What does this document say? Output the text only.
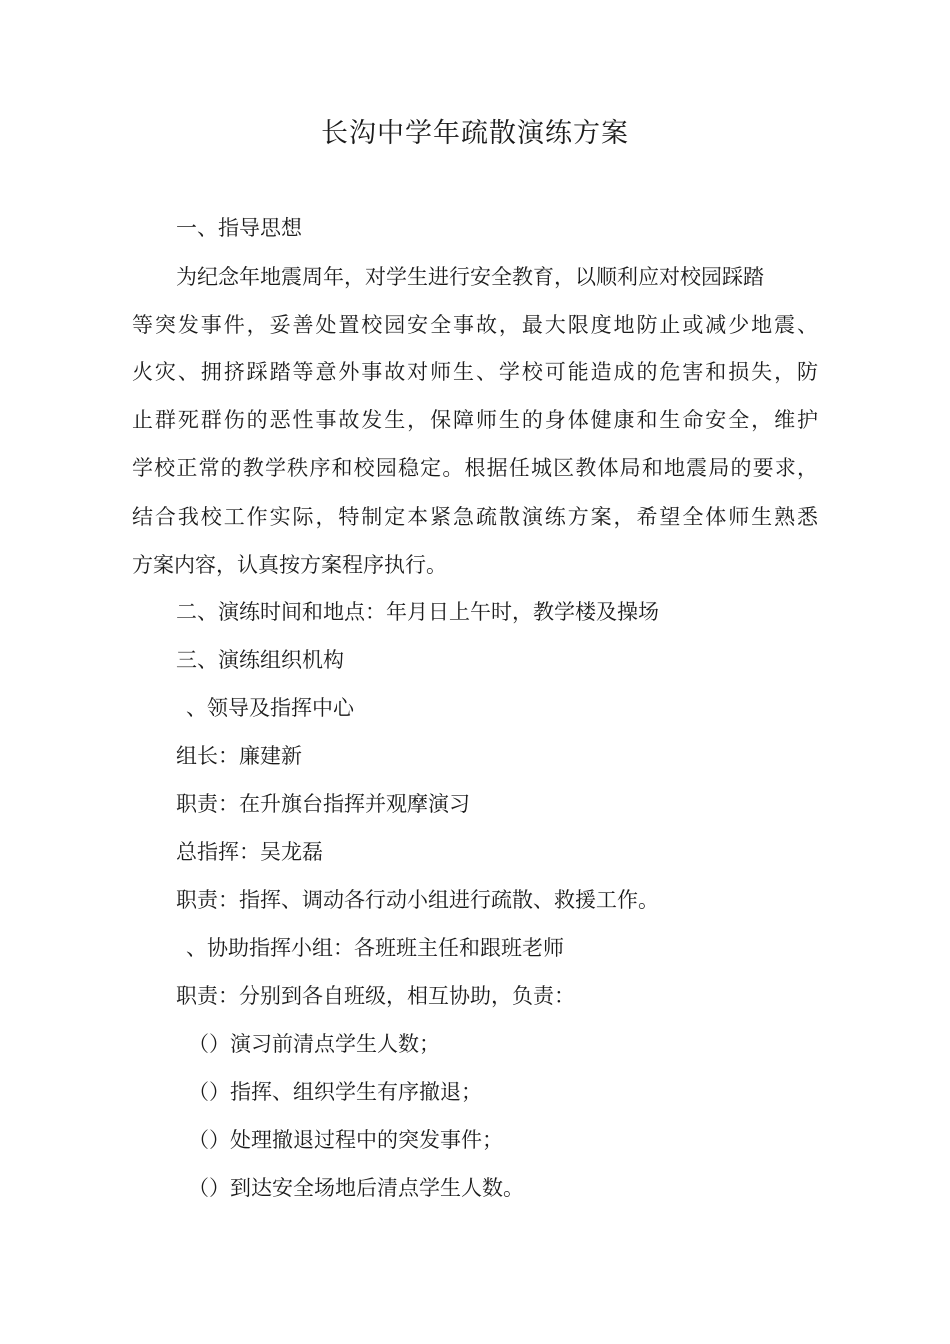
长沟中学年疏散演练方案
一、指导思想
为纪念年地震周年，对学生进行安全教育，以顺利应对校园踩踏
等突发事件，妥善处置校园安全事故，最大限度地防止或减少地震、
火灾、拥挤踩踏等意外事故对师生、学校可能造成的危害和损失，防
止群死群伤的恶性事故发生，保障师生的身体健康和生命安全，维护
学校正常的教学秩序和校园稳定。根据任城区教体局和地震局的要求，
结合我校工作实际，特制定本紧急疏散演练方案，希望全体师生熟悉
方案内容，认真按方案程序执行。
二、演练时间和地点：年月日上午时，教学楼及操场
三、演练组织机构
、领导及指挥中心
组长：廉建新
职责：在升旗台指挥并观摩演习
总指挥：吴龙磊
职责：指挥、调动各行动小组进行疏散、救援工作。
、协助指挥小组：各班班主任和跟班老师
职责：分别到各自班级，相互协助，负责：
（）演习前清点学生人数；
（）指挥、组织学生有序撤退；
（）处理撤退过程中的突发事件；
（）到达安全场地后清点学生人数。
